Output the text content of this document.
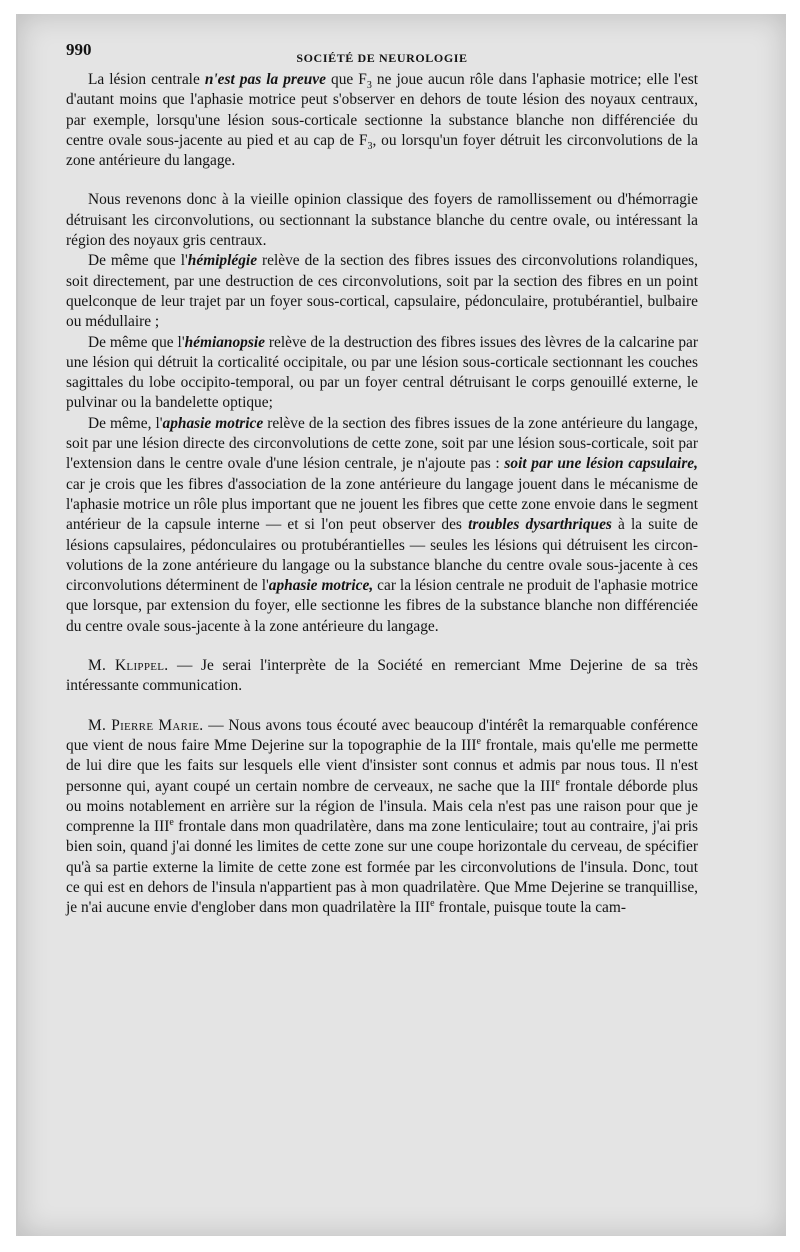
990	SOCIÉTÉ DE NEUROLOGIE

La lésion centrale n'est pas la preuve que $F_3$ ne joue aucun rôle dans l'aphasie motrice; elle l'est d'autant moins que l'aphasie motrice peut s'observer en dehors de toute lésion des noyaux centraux, par exemple, lorsqu'une lésion sous-corticale sectionne la substance blanche non différenciée du centre ovale sous-jacente au pied et au cap de $F_3$, ou lorsqu'un foyer détruit les circonvolutions de la zone antérieure du langage.

Nous revenons donc à la vieille opinion classique des foyers de ramollissement ou d'hémorragie détruisant les circonvolutions, ou sectionnant la substance blanche du centre ovale, ou intéressant la région des noyaux gris centraux.

De même que l'hémiplégie relève de la section des fibres issues des circonvolutions rolandiques, soit directement, par une destruction de ces circonvolutions, soit par la section des fibres en un point quelconque de leur trajet par un foyer sous-cortical, capsulaire, pédonculaire, protubérantiel, bulbaire ou médullaire ;

De même que l'hémianopsie relève de la destruction des fibres issues des lèvres de la calcarine par une lésion qui détruit la corticalité occipitale, ou par une lésion sous-corticale sectionnant les couches sagittales du lobe occipito-temporal, ou par un foyer central détruisant le corps genouillé externe, le pulvinar ou la bandelette optique;

De même, l'aphasie motrice relève de la section des fibres issues de la zone antérieure du langage, soit par une lésion directe des circonvolutions de cette zone, soit par une lésion sous-corticale, soit par l'extension dans le centre ovale d'une lésion centrale, je n'ajoute pas : soit par une lésion capsulaire, car je crois que les fibres d'association de la zone antérieure du langage jouent dans le mécanisme de l'aphasie motrice un rôle plus important que ne jouent les fibres que cette zone envoie dans le segment antérieur de la capsule interne — et si l'on peut observer des troubles dysarthriques à la suite de lésions capsulaires, pédonculaires ou protubérantielles — seules les lésions qui détruisent les circonvolutions de la zone antérieure du langage ou la substance blanche du centre ovale sous-jacente à ces circonvolutions déterminent de l'aphasie motrice, car la lésion centrale ne produit de l'aphasie motrice que lorsque, par extension du foyer, elle sectionne les fibres de la substance blanche non différenciée du centre ovale sous-jacente à la zone antérieure du langage.

M. Klippel. — Je serai l'interprète de la Société en remerciant Mme Dejerine de sa très intéressante communication.

M. Pierre Marie. — Nous avons tous écouté avec beaucoup d'intérêt la remarquable conférence que vient de nous faire Mme Dejerine sur la topographie de la IIIe frontale, mais qu'elle me permette de lui dire que les faits sur lesquels elle vient d'insister sont connus et admis par nous tous. Il n'est personne qui, ayant coupé un certain nombre de cerveaux, ne sache que la IIIe frontale déborde plus ou moins notablement en arrière sur la région de l'insula. Mais cela n'est pas une raison pour que je comprenne la IIIe frontale dans mon quadrilatère, dans ma zone lenticulaire; tout au contraire, j'ai pris bien soin, quand j'ai donné les limites de cette zone sur une coupe horizontale du cerveau, de spécifier qu'à sa partie externe la limite de cette zone est formée par les circonvolutions de l'insula. Donc, tout ce qui est en dehors de l'insula n'appartient pas à mon quadrilatère. Que Mme Dejerine se tranquillise, je n'ai aucune envie d'englober dans mon quadrilatère la IIIe frontale, puisque toute la cam-
